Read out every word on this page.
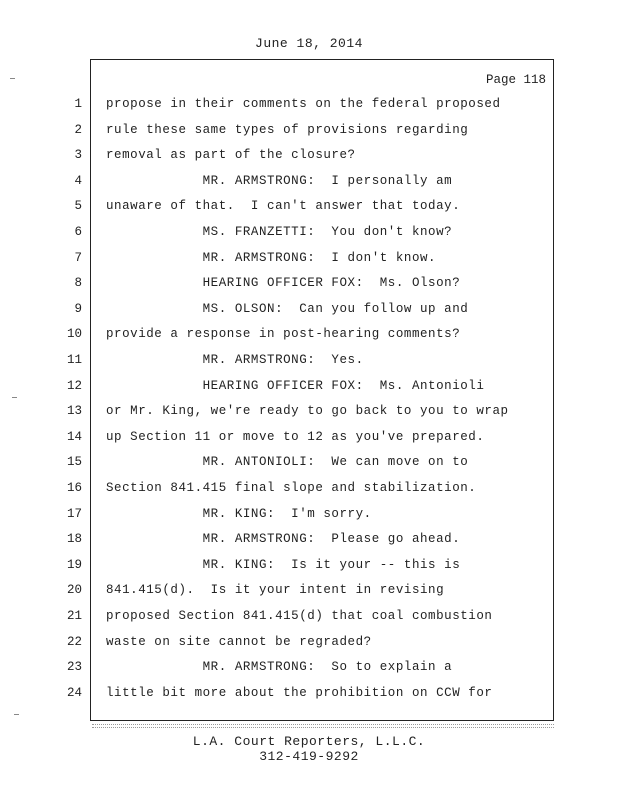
June 18, 2014
Page 118
1 propose in their comments on the federal proposed
2 rule these same types of provisions regarding
3 removal as part of the closure?
4 MR. ARMSTRONG:  I personally am
5 unaware of that.  I can't answer that today.
6 MS. FRANZETTI:  You don't know?
7 MR. ARMSTRONG:  I don't know.
8 HEARING OFFICER FOX:  Ms. Olson?
9 MS. OLSON:  Can you follow up and
10 provide a response in post-hearing comments?
11 MR. ARMSTRONG:  Yes.
12 HEARING OFFICER FOX:  Ms. Antonioli
13 or Mr. King, we're ready to go back to you to wrap
14 up Section 11 or move to 12 as you've prepared.
15 MR. ANTONIOLI:  We can move on to
16 Section 841.415 final slope and stabilization.
17 MR. KING:  I'm sorry.
18 MR. ARMSTRONG:  Please go ahead.
19 MR. KING:  Is it your -- this is
20 841.415(d).  Is it your intent in revising
21 proposed Section 841.415(d) that coal combustion
22 waste on site cannot be regraded?
23 MR. ARMSTRONG:  So to explain a
24 little bit more about the prohibition on CCW for
L.A. Court Reporters, L.L.C.
312-419-9292
